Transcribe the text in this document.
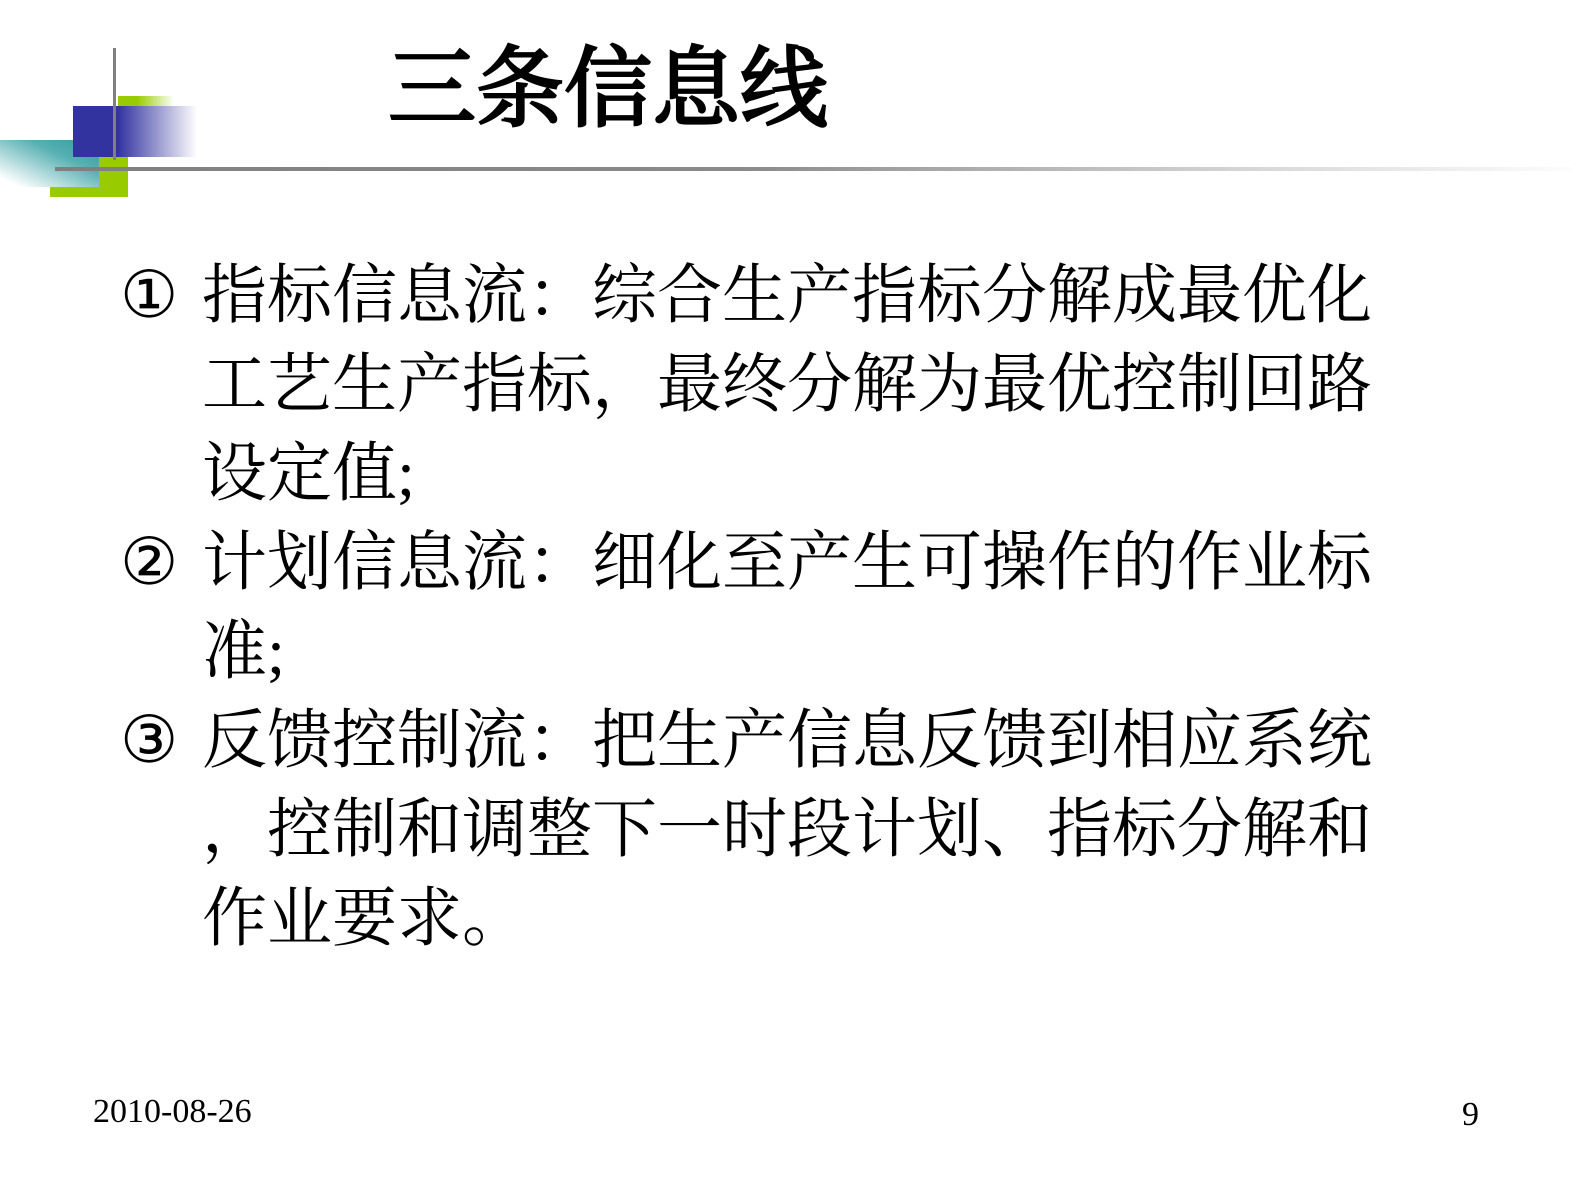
三条信息线
① 指标信息流：综合生产指标分解成最优化工艺生产指标，最终分解为最优控制回路设定值;
② 计划信息流：细化至产生可操作的作业标准;
③ 反馈控制流：把生产信息反馈到相应系统，控制和调整下一时段计划、指标分解和作业要求。
2010-08-26	9
